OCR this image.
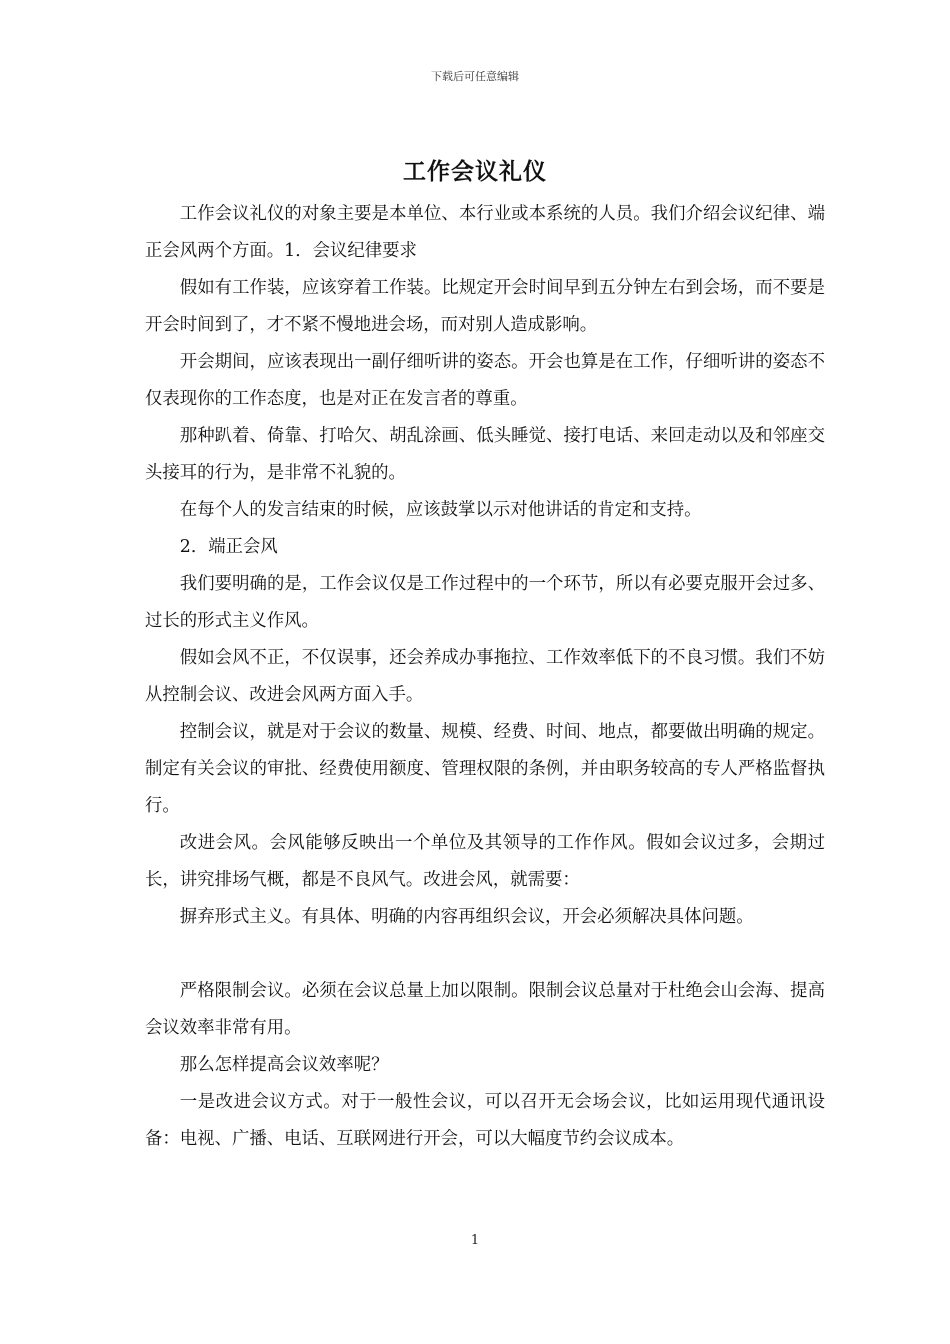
下载后可任意编辑
工作会议礼仪

工作会议礼仪的对象主要是本单位、本行业或本系统的人员。我们介绍会议纪律、端正会风两个方面。1．会议纪律要求

假如有工作装，应该穿着工作装。比规定开会时间早到五分钟左右到会场，而不要是开会时间到了，才不紧不慢地进会场，而对别人造成影响。

开会期间，应该表现出一副仔细听讲的姿态。开会也算是在工作，仔细听讲的姿态不仅表现你的工作态度，也是对正在发言者的尊重。

那种趴着、倚靠、打哈欠、胡乱涂画、低头睡觉、接打电话、来回走动以及和邻座交头接耳的行为，是非常不礼貌的。

在每个人的发言结束的时候，应该鼓掌以示对他讲话的肯定和支持。

2．端正会风

我们要明确的是，工作会议仅是工作过程中的一个环节，所以有必要克服开会过多、过长的形式主义作风。

假如会风不正，不仅误事，还会养成办事拖拉、工作效率低下的不良习惯。我们不妨从控制会议、改进会风两方面入手。

控制会议，就是对于会议的数量、规模、经费、时间、地点，都要做出明确的规定。制定有关会议的审批、经费使用额度、管理权限的条例，并由职务较高的专人严格监督执行。

改进会风。会风能够反映出一个单位及其领导的工作作风。假如会议过多，会期过长，讲究排场气概，都是不良风气。改进会风，就需要：

摒弃形式主义。有具体、明确的内容再组织会议，开会必须解决具体问题。

严格限制会议。必须在会议总量上加以限制。限制会议总量对于杜绝会山会海、提高会议效率非常有用。

那么怎样提高会议效率呢？

一是改进会议方式。对于一般性会议，可以召开无会场会议，比如运用现代通讯设备：电视、广播、电话、互联网进行开会，可以大幅度节约会议成本。

1
